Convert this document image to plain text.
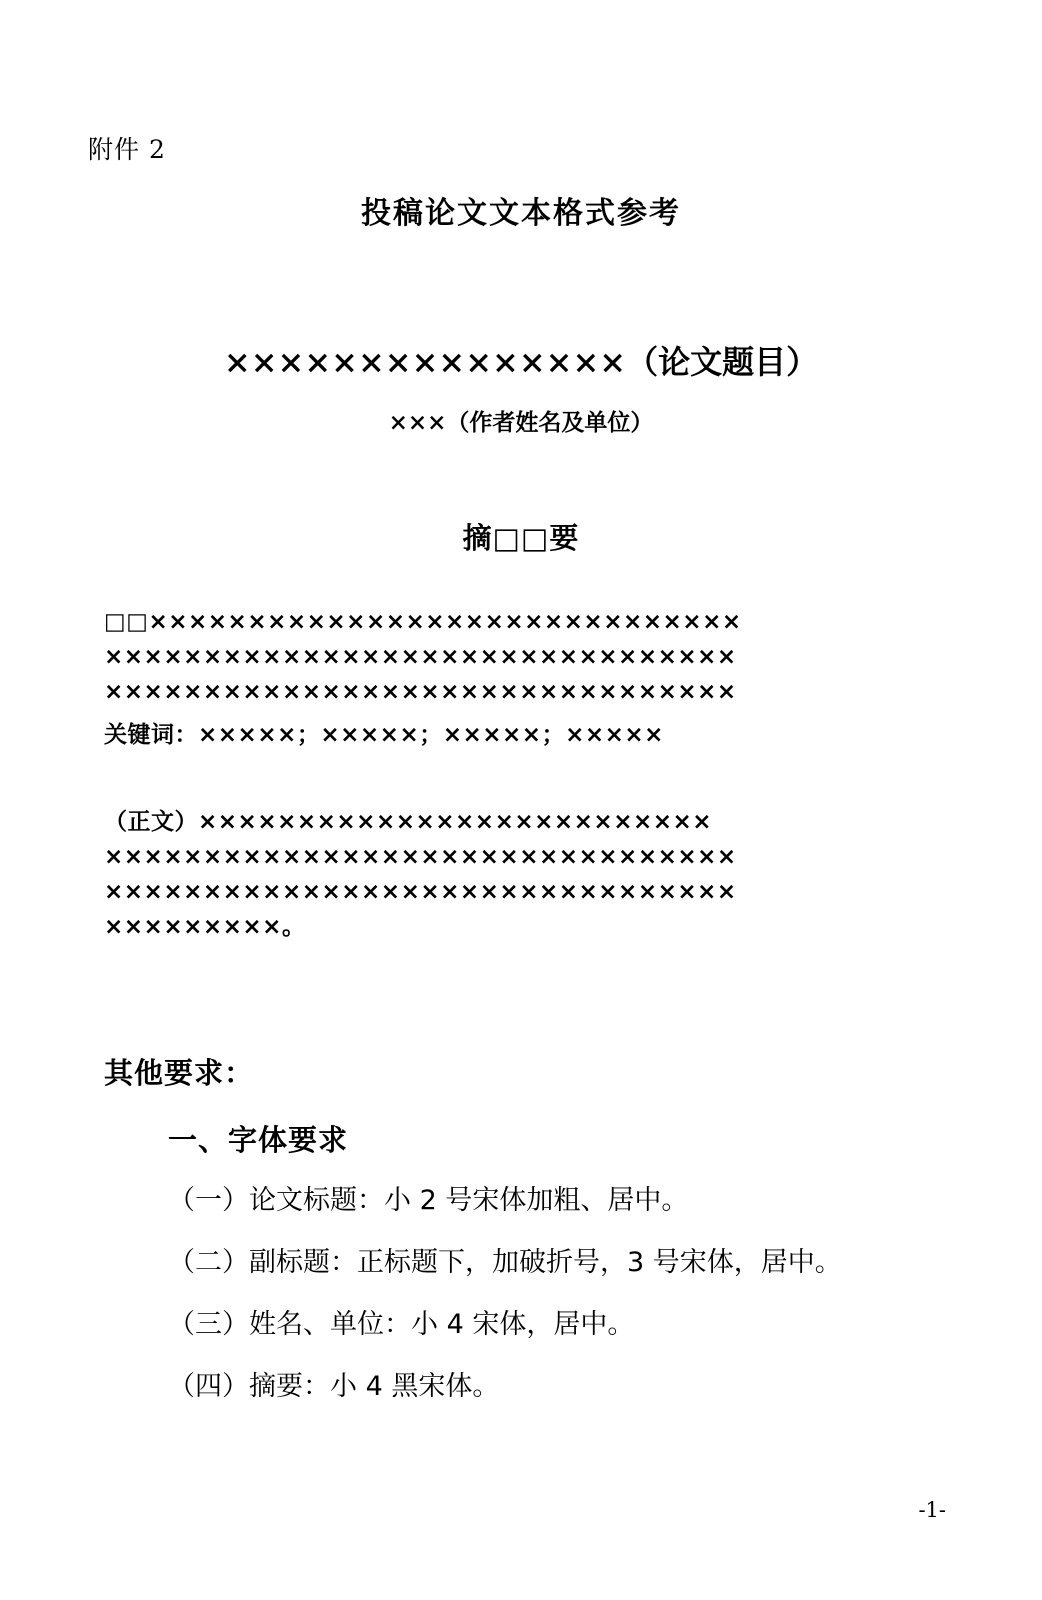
附件 2
投稿论文文本格式参考
×××××××××××××××（论文题目）
×××（作者姓名及单位）
摘□□要
□□××××××××××××××××××××××××××××××
××××××××××××××××××××××××××××××××
××××××××××××××××××××××××××××××××
关键词：×××××；×××××；×××××；×××××
（正文）××××××××××××××××××××××××××
××××××××××××××××××××××××××××××××
××××××××××××××××××××××××××××××××
×××××××××。
其他要求：
一、字体要求
（一）论文标题：小 2 号宋体加粗、居中。
（二）副标题：正标题下，加破折号，3 号宋体，居中。
（三）姓名、单位：小 4 宋体，居中。
（四）摘要：小 4 黑宋体。
-1-
